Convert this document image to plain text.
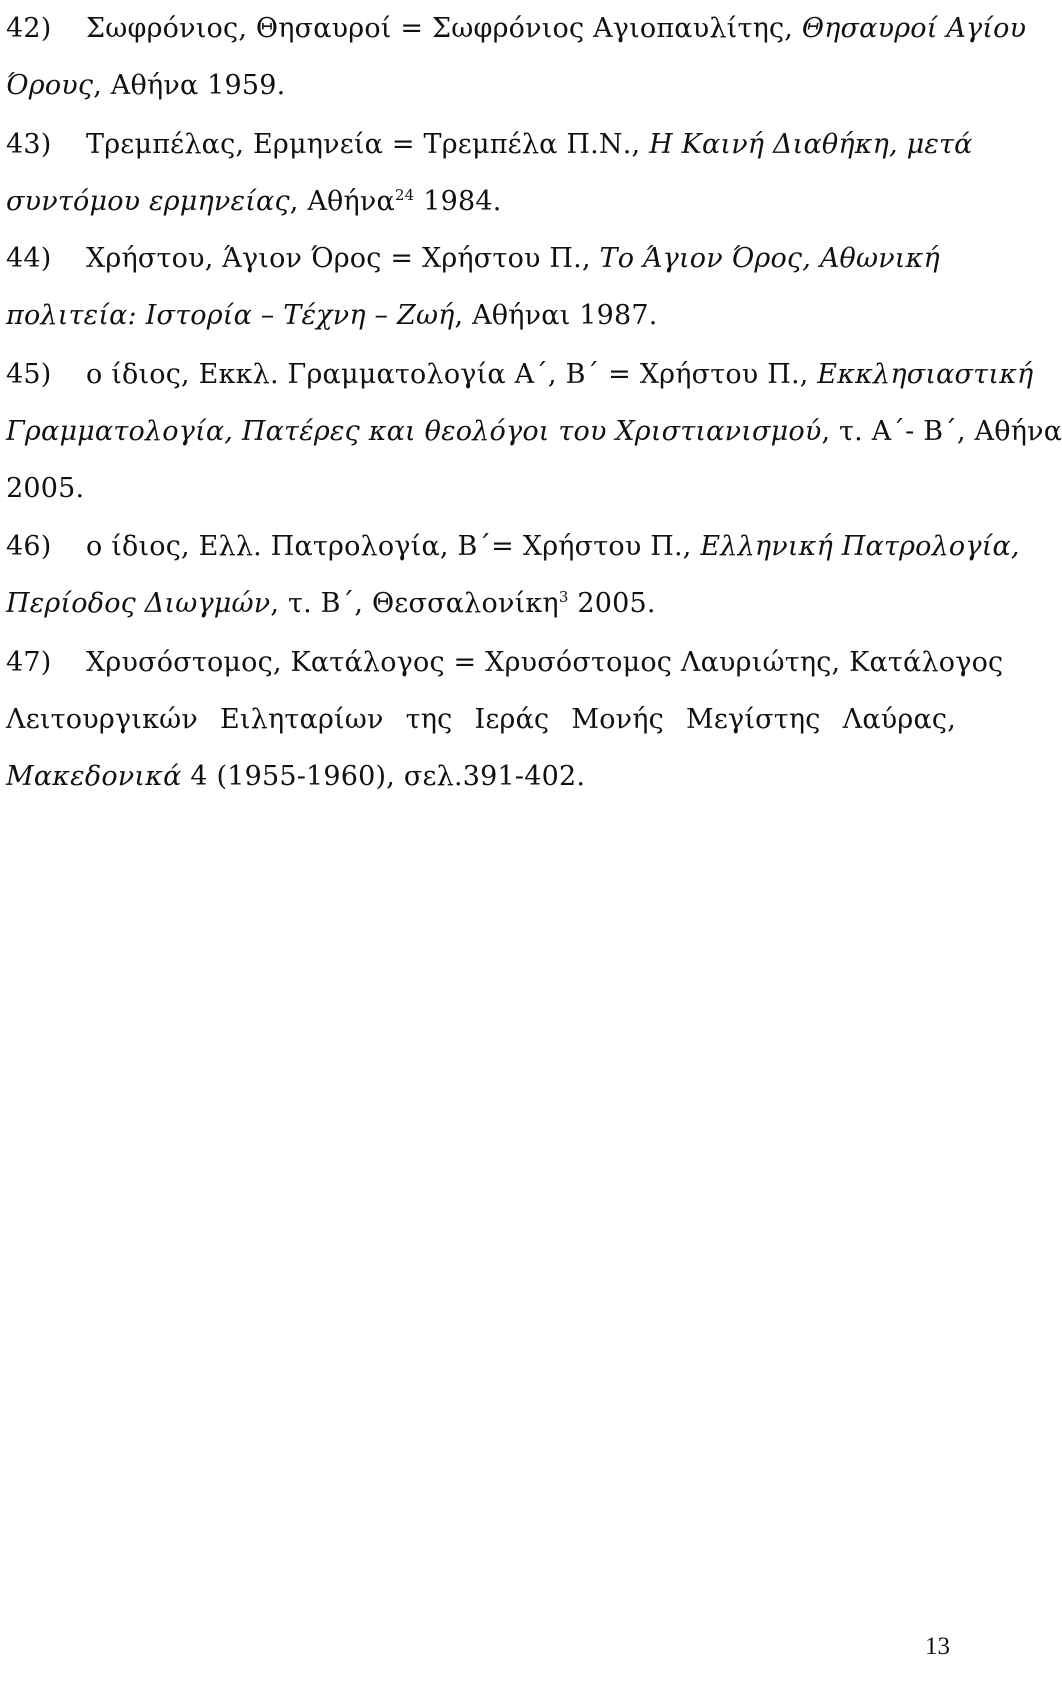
42) Σωφρόνιος, Θησαυροί = Σωφρόνιος Αγιοπαυλίτης, Θησαυροί Αγίου
Όρους, Αθήνα 1959.
43) Τρεμπέλας, Ερμηνεία = Τρεμπέλα Π.Ν., Η Καινή Διαθήκη, μετά
συντόμου ερμηνείας, Αθήνα$^{24}$ 1984.
44) Χρήστου, Άγιον Όρος = Χρήστου Π., Το Άγιον Όρος, Αθωνική
πολιτεία: Ιστορία – Τέχνη – Ζωή, Αθήναι 1987.
45) ο ίδιος, Εκκλ. Γραμματολογία Α΄, Β΄ = Χρήστου Π., Εκκλησιαστική
Γραμματολογία, Πατέρες και θεολόγοι του Χριστιανισμού, τ. Α΄- Β΄, Αθήνα
2005.
46) ο ίδιος, Ελλ. Πατρολογία, Β΄= Χρήστου Π., Ελληνική Πατρολογία,
Περίοδος Διωγμών, τ. Β΄, Θεσσαλονίκη$^3$ 2005.
47) Χρυσόστομος, Κατάλογος = Χρυσόστομος Λαυριώτης, Κατάλογος
Λειτουργικών Ειληταρίων της Ιεράς Μονής Μεγίστης Λαύρας,
Μακεδονικά 4 (1955-1960), σελ.391-402.
13
